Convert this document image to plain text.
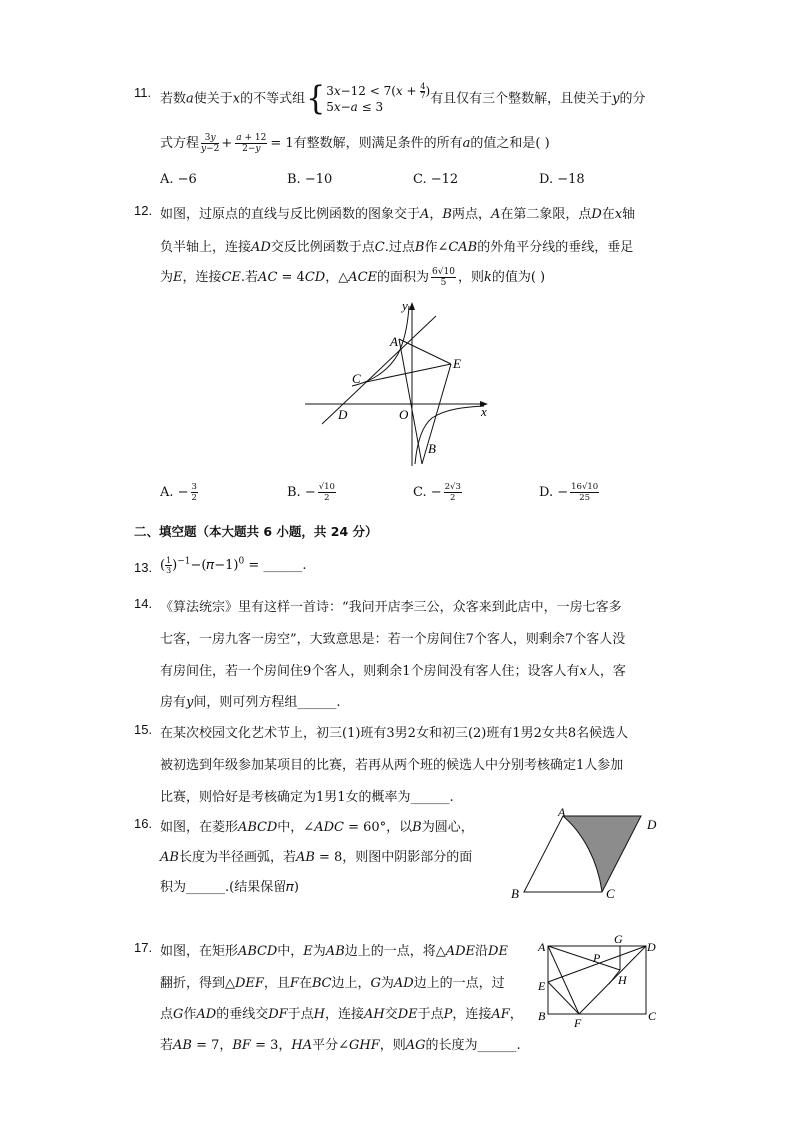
11. 若数𝑎使关于𝑥的不等式组{ 3𝑥−12 < 7(𝑥 + $\frac{4}{7}$ )
5𝑥−𝑎 ≤ 3
有且仅有三个整数解，且使关于𝑦的分
式方程 3𝑦
𝑦−2 + 𝑎 + 12
2−𝑦 = 1有整数解，则满足条件的所有𝑎的值之和是( )
A. −6	B. −10	C. −12	D. −18
12. 如图，过原点的直线与反比例函数的图象交于𝐴，𝐵两点，𝐴在第二象限，点𝐷在𝑥轴
负半轴上，连接𝐴𝐷交反比例函数于点𝐶.过点𝐵作∠𝐶𝐴𝐵的外角平分线的垂线，垂足
为𝐸，连接𝐶𝐸.若𝐴𝐶 = 4𝐶𝐷，△𝐴𝐶𝐸的面积为 $\frac{6√10}{5}$ ，则𝑘的值为( )
y
x
A
C
E
D	O
B
A. − $\frac{3}{2}$	B. − $\frac{√10}{2}$	C. − $\frac{2√3}{2}$	D. − $\frac{16√10}{25}$
二、填空题（本大题共 6 小题，共 24 分）
13. ( $\frac{1}{3}$ )$^{-1}$−(𝜋−1)$^0$ = ______.
14. 《算法统宗》里有这样一首诗：“我问开店李三公，众客来到此店中，一房七客多
七客，一房九客一房空”，大致意思是：若一个房间住7个客人，则剩余7个客人没
有房间住，若一个房间住9个客人，则剩余1个房间没有客人住；设客人有𝑥人，客
房有𝑦间，则可列方程组______.
15. 在某次校园文化艺术节上，初三(1)班有3男2女和初三(2)班有1男2女共8名候选人
被初选到年级参加某项目的比赛，若再从两个班的候选人中分别考核确定1人参加
比赛，则恰好是考核确定为1男1女的概率为______.
16. 如图，在菱形𝐴𝐵𝐶𝐷中，∠𝐴𝐷𝐶 = 60°，以𝐵为圆心，
𝐴𝐵长度为半径画弧，若𝐴𝐵 = 8，则图中阴影部分的面
积为______.(结果保留𝜋)
A
D
B	C
17. 如图，在矩形𝐴𝐵𝐶𝐷中，𝐸为𝐴𝐵边上的一点，将△𝐴𝐷𝐸沿𝐷𝐸
翻折，得到△𝐷𝐸𝐹，且𝐹在𝐵𝐶边上，𝐺为𝐴𝐷边上的一点，过
点𝐺作𝐴𝐷的垂线交𝐷𝐹于点𝐻，连接𝐴𝐻交𝐷𝐸于点𝑃，连接𝐴𝐹，
若𝐴𝐵 = 7，𝐵𝐹 = 3，𝐻𝐴平分∠𝐺𝐻𝐹，则𝐴𝐺的长度为______.
A
G
D
P
H
E
B F	C
